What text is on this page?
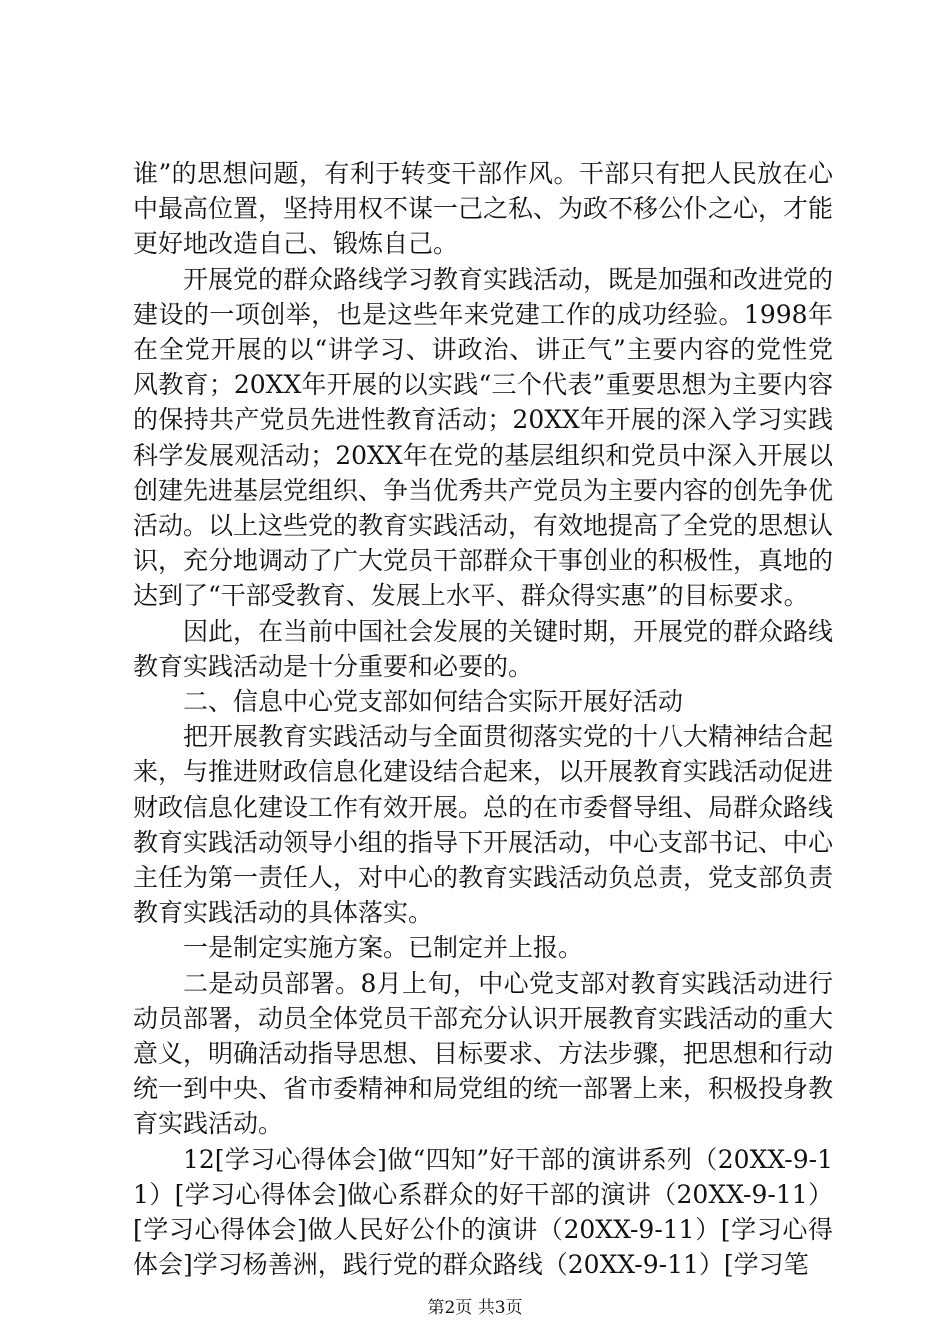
谁”的思想问题，有利于转变干部作风。干部只有把人民放在心中最高位置，坚持用权不谋一己之私、为政不移公仆之心，才能更好地改造自己、锻炼自己。

开展党的群众路线学习教育实践活动，既是加强和改进党的建设的一项创举，也是这些年来党建工作的成功经验。1998年在全党开展的以“讲学习、讲政治、讲正气”主要内容的党性党风教育；20XX年开展的以实践“三个代表”重要思想为主要内容的保持共产党员先进性教育活动；20XX年开展的深入学习实践科学发展观活动；20XX年在党的基层组织和党员中深入开展以创建先进基层党组织、争当优秀共产党员为主要内容的创先争优活动。以上这些党的教育实践活动，有效地提高了全党的思想认识，充分地调动了广大党员干部群众干事创业的积极性，真地的达到了“干部受教育、发展上水平、群众得实惠”的目标要求。

因此，在当前中国社会发展的关键时期，开展党的群众路线教育实践活动是十分重要和必要的。

二、信息中心党支部如何结合实际开展好活动

把开展教育实践活动与全面贯彻落实党的十八大精神结合起来，与推进财政信息化建设结合起来，以开展教育实践活动促进财政信息化建设工作有效开展。总的在市委督导组、局群众路线教育实践活动领导小组的指导下开展活动，中心支部书记、中心主任为第一责任人，对中心的教育实践活动负总责，党支部负责教育实践活动的具体落实。

一是制定实施方案。已制定并上报。

二是动员部署。8月上旬，中心党支部对教育实践活动进行动员部署，动员全体党员干部充分认识开展教育实践活动的重大意义，明确活动指导思想、目标要求、方法步骤，把思想和行动统一到中央、省市委精神和局党组的统一部署上来，积极投身教育实践活动。

12[学习心得体会]做“四知”好干部的演讲系列（20XX-9-11）[学习心得体会]做心系群众的好干部的演讲（20XX-9-11）[学习心得体会]做人民好公仆的演讲（20XX-9-11）[学习心得体会]学习杨善洲，践行党的群众路线（20XX-9-11）[学习笔

第2页 共3页
